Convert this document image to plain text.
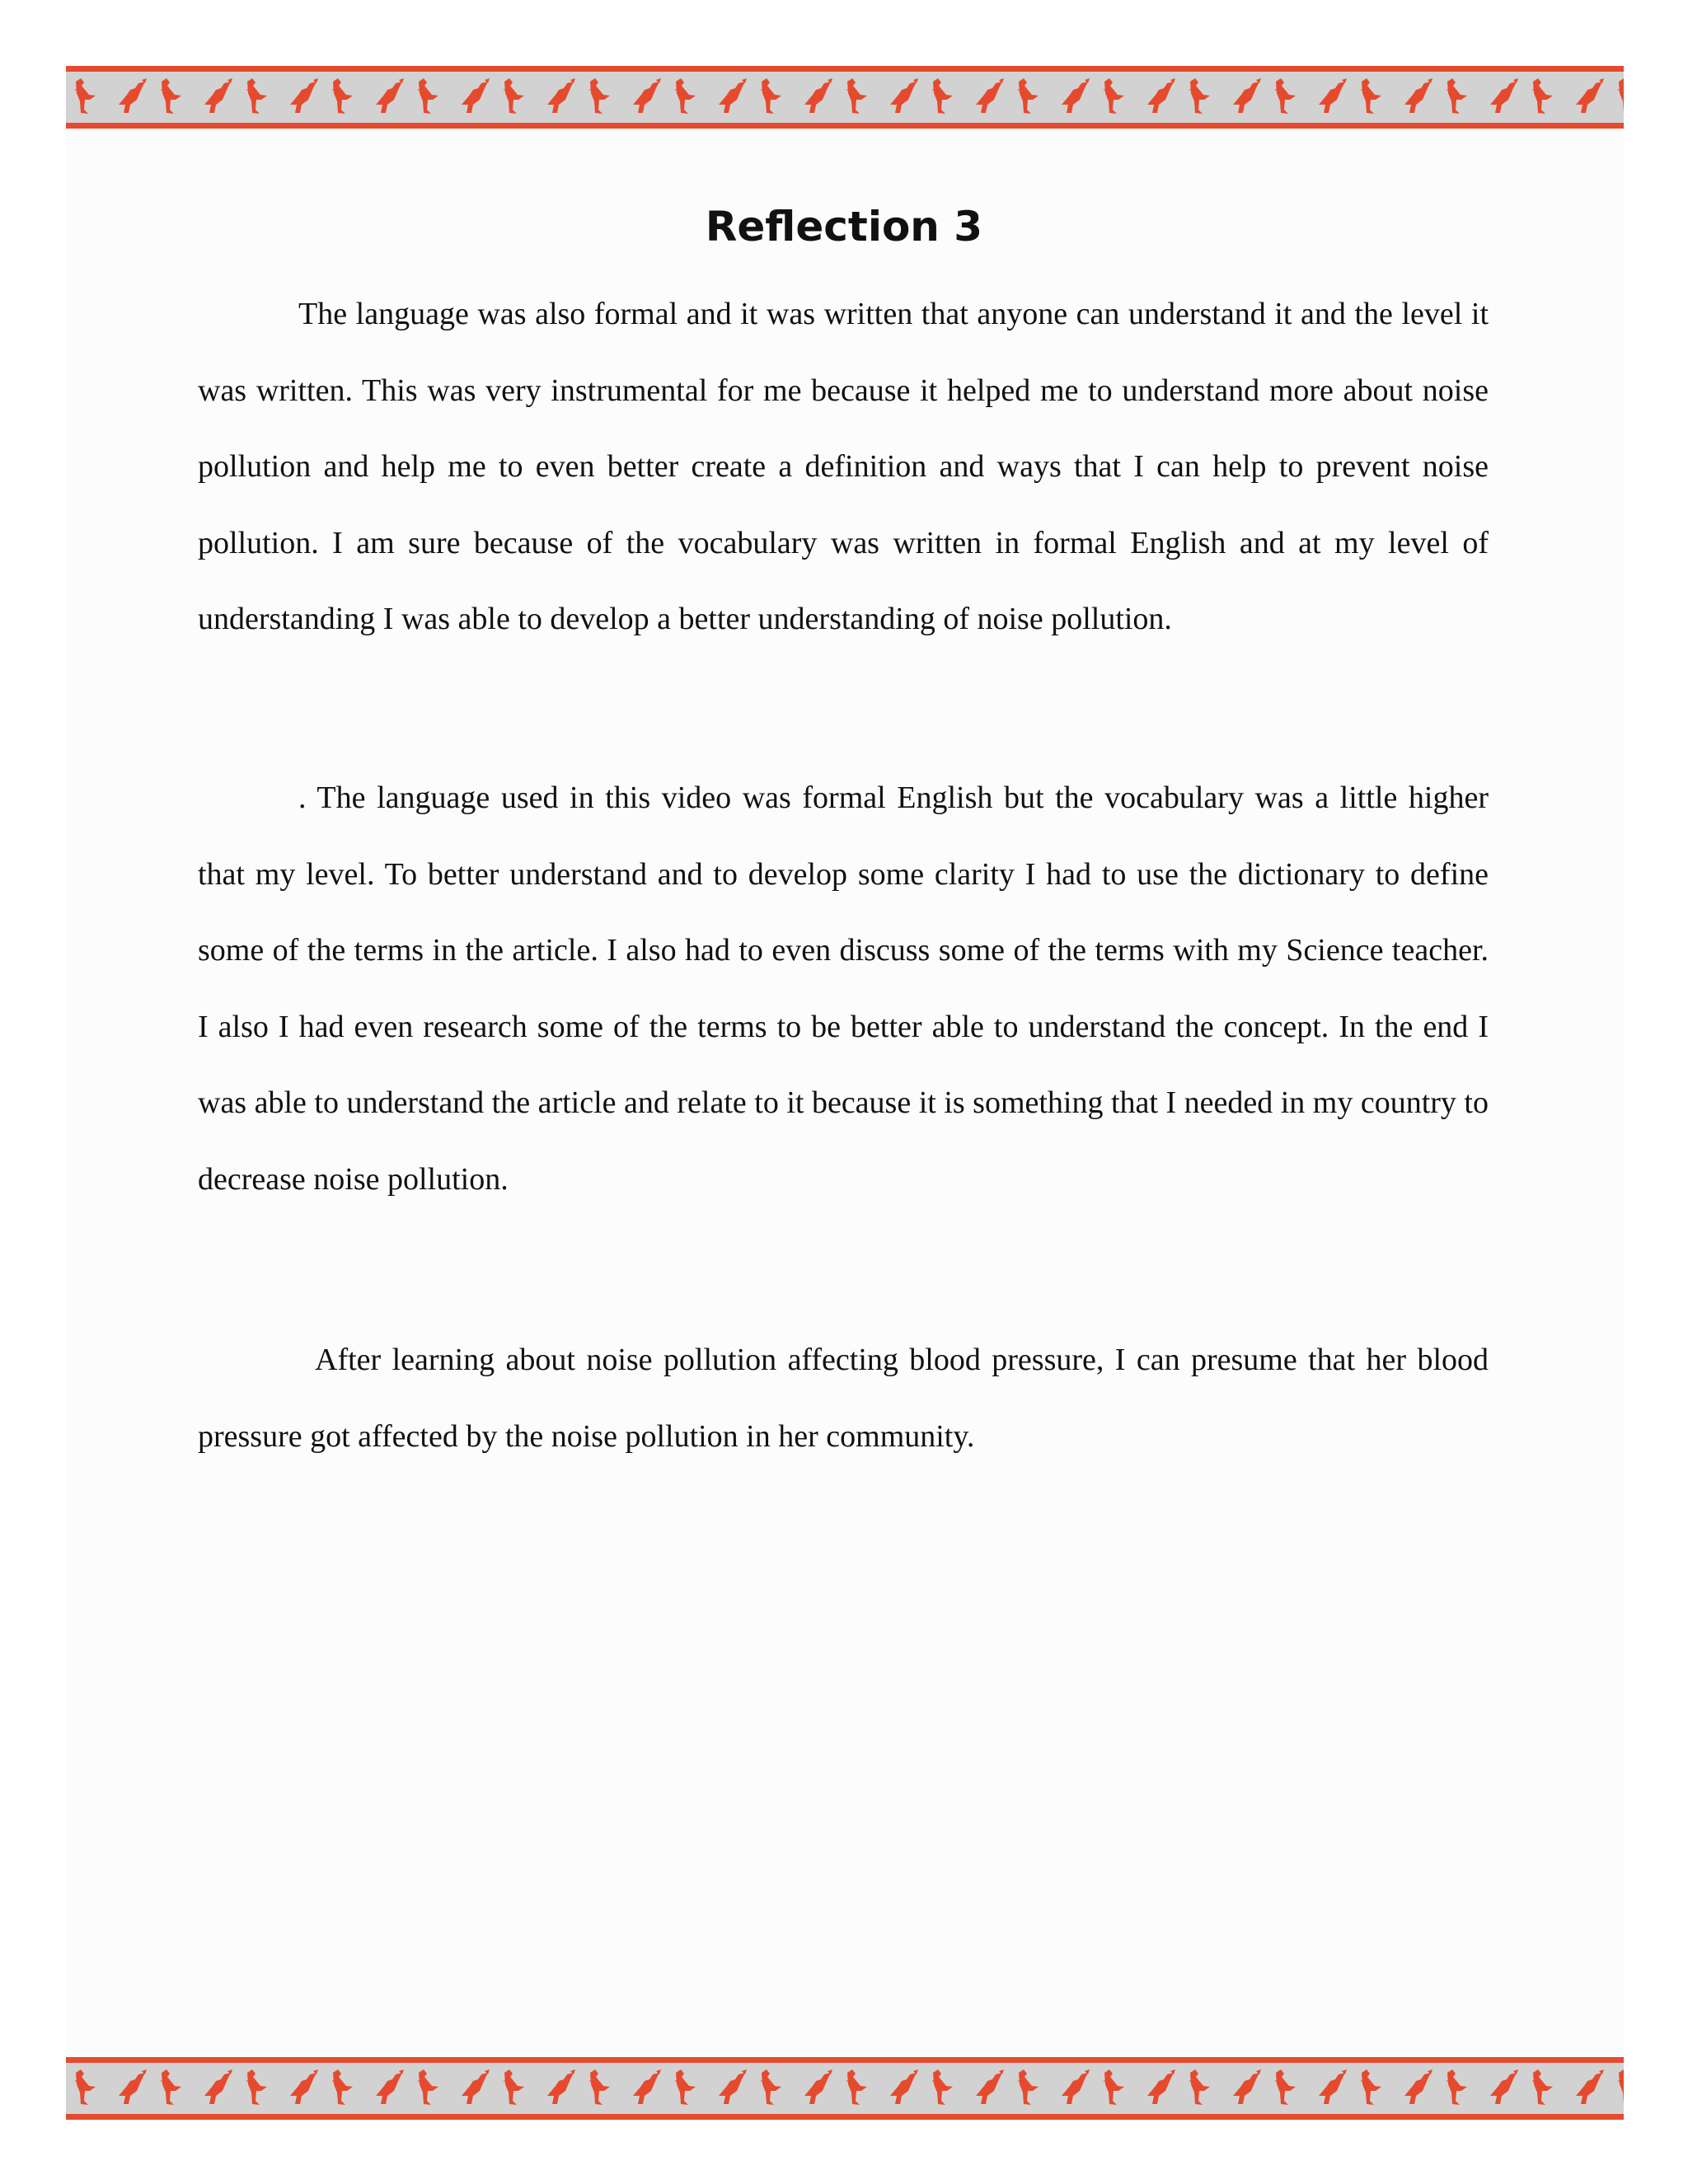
Reflection 3

The language was also formal and it was written that anyone can understand it and the level it was written. This was very instrumental for me because it helped me to understand more about noise pollution and help me to even better create a definition and ways that I can help to prevent noise pollution. I am sure because of the vocabulary was written in formal English and at my level of understanding I was able to develop a better understanding of noise pollution.

. The language used in this video was formal English but the vocabulary was a little higher that my level. To better understand and to develop some clarity I had to use the dictionary to define some of the terms in the article. I also had to even discuss some of the terms with my Science teacher. I also I had even research some of the terms to be better able to understand the concept. In the end I was able to understand the article and relate to it because it is something that I needed in my country to decrease noise pollution.

After learning about noise pollution affecting blood pressure, I can presume that her blood pressure got affected by the noise pollution in her community.
